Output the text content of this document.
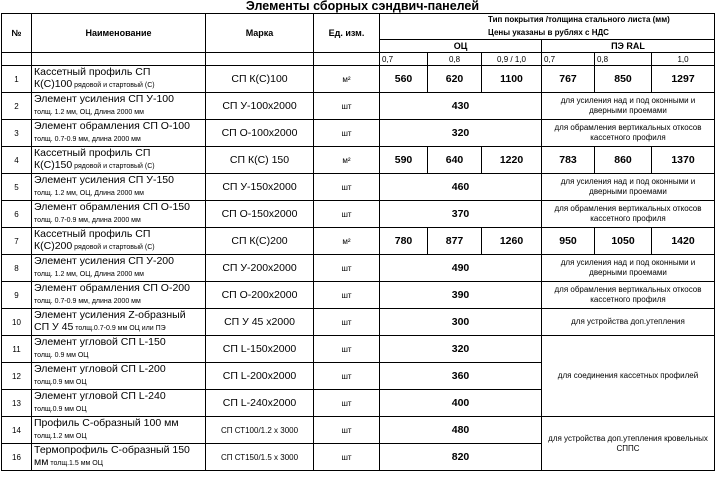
Элементы сборных сэндвич-панелей
№	Наименование	Марка	Ед. изм.	Тип покрытия /толщина стального листа (мм)					
				Цены указаны в рублях с НДС					
				ОЦ			ПЭ RAL		
				0,7	0,8	0,9 / 1,0	0,7	0,8	1,0
1	Кассетный профиль СП
К(С)100 рядовой и стартовый (С)	СП К(С)100	м²	560	620	1100	767	850	1297
2	Элемент усиления СП У-100
толщ. 1.2 мм, ОЦ, Длина 2000 мм	СП У-100х2000	шт	430			для усиления над и под оконными и дверными проемами		
3	Элемент обрамления СП О-100
толщ. 0.7-0.9 мм, длина 2000 мм	СП О-100х2000	шт	320			для обрамления вертикальных откосов кассетного профиля		
4	Кассетный профиль СП
К(С)150 рядовой и стартовый (С)	СП К(С) 150	м²	590	640	1220	783	860	1370
5	Элемент усиления СП У-150
толщ. 1.2 мм, ОЦ, Длина 2000 мм	СП У-150х2000	шт	460			для усиления над и под оконными и дверными проемами		
6	Элемент обрамления СП О-150
толщ. 0.7-0.9 мм, длина 2000 мм	СП О-150х2000	шт	370			для обрамления вертикальных откосов кассетного профиля		
7	Кассетный профиль СП
К(С)200 рядовой и стартовый (С)	СП К(С)200	м²	780	877	1260	950	1050	1420
8	Элемент усиления СП У-200
толщ. 1.2 мм, ОЦ, Длина 2000 мм	СП У-200х2000	шт	490			для усиления над и под оконными и дверными проемами		
9	Элемент обрамления СП О-200
толщ. 0.7-0.9 мм, длина 2000 мм	СП О-200х2000	шт	390			для обрамления вертикальных откосов кассетного профиля		
10	Элемент усиления Z-образный
СП У 45 толщ.0.7-0.9 мм ОЦ или ПЭ	СП У 45 х2000	шт	300			для устройства доп.утепления		
11	Элемент угловой СП L-150
толщ. 0.9 мм ОЦ	СП L-150х2000	шт	320			для соединения кассетных профилей		
12	Элемент угловой СП L-200
толщ.0.9 мм ОЦ	СП L-200х2000	шт	360					
13	Элемент угловой СП L-240
толщ.0.9 мм ОЦ	СП L-240х2000	шт	400					
14	Профиль С-образный 100 мм
толщ.1.2 мм ОЦ	СП СТ100/1.2 х 3000	шт	480			для устройства доп.утепления кровельных СППС		
16	Термопрофиль С-образный 150
мм толщ.1.5 мм ОЦ	СП СТ150/1.5 х 3000	шт	820					
